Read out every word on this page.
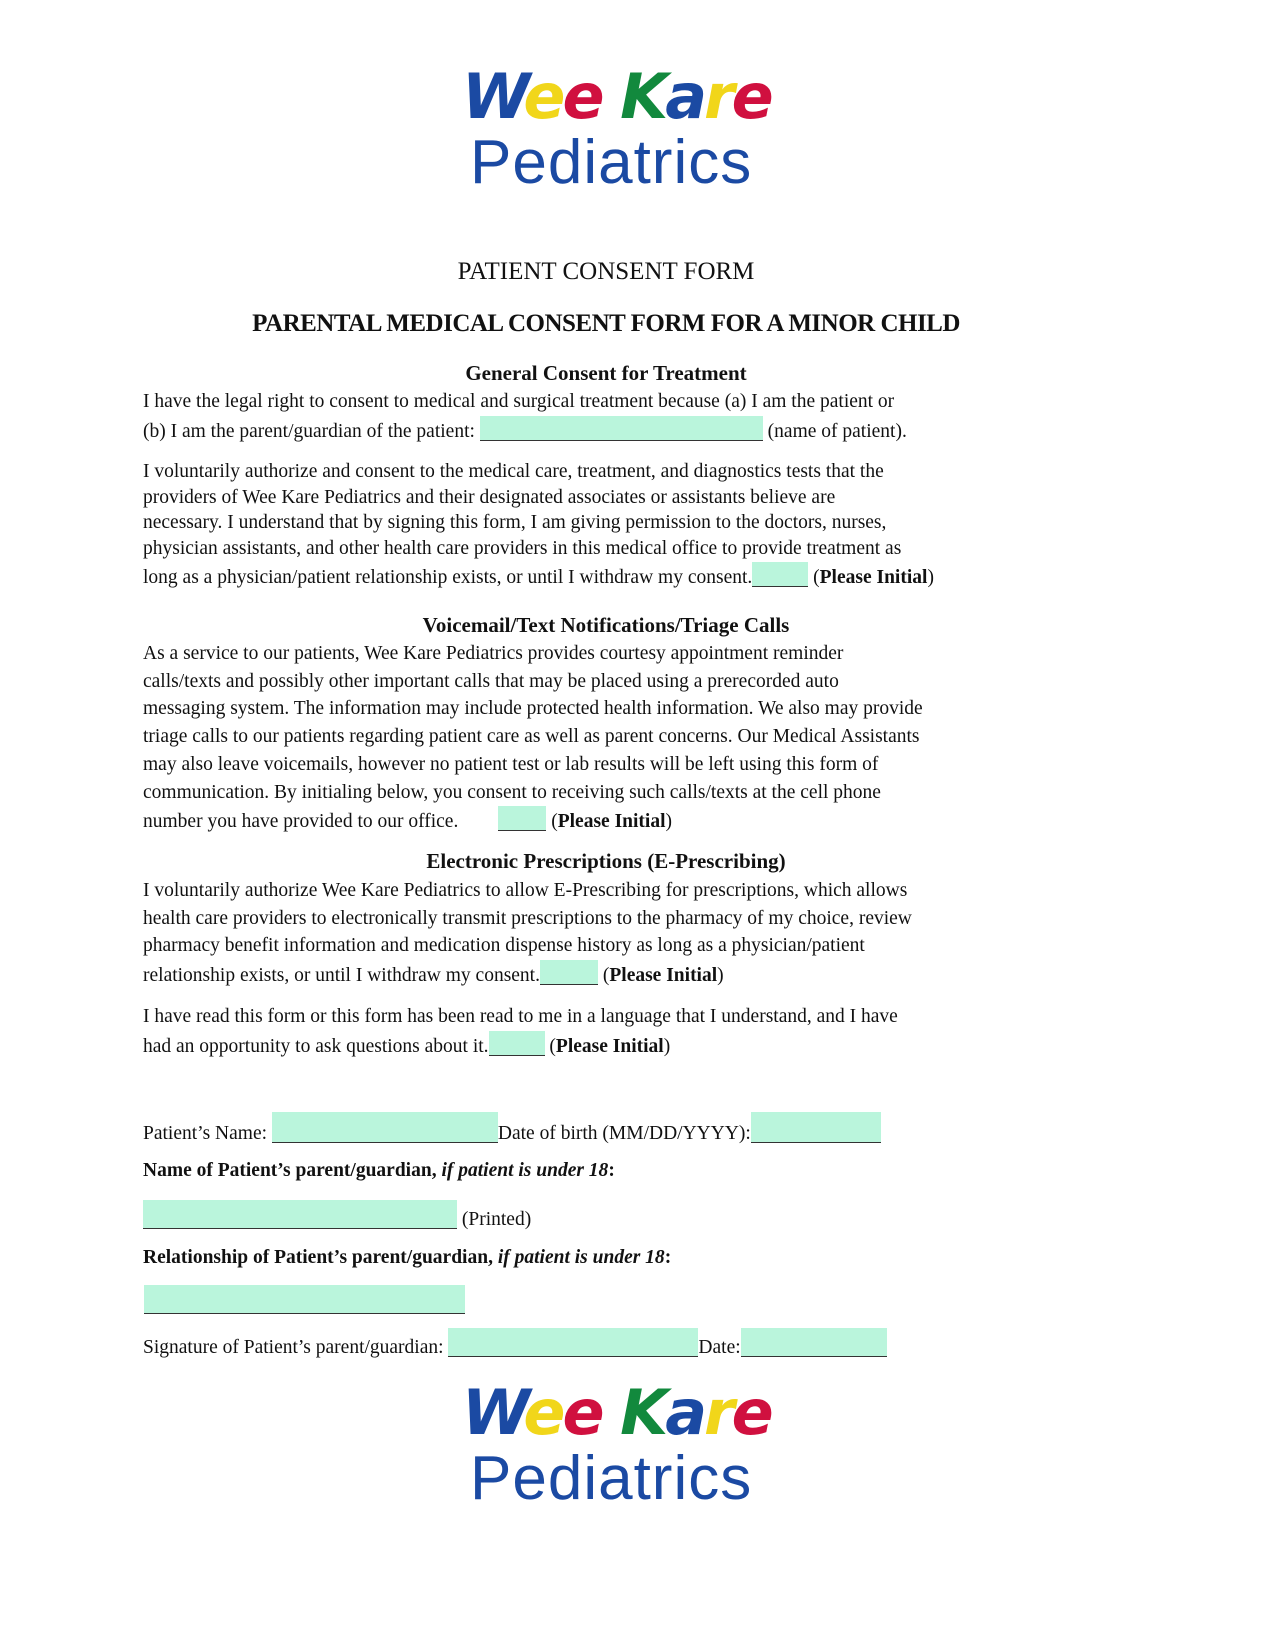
Wee Kare
Pediatrics
PATIENT CONSENT FORM
PARENTAL MEDICAL CONSENT FORM FOR A MINOR CHILD
General Consent for Treatment
I have the legal right to consent to medical and surgical treatment because (a) I am the patient or
(b) I am the parent/guardian of the patient:	(name of patient).
I voluntarily authorize and consent to the medical care, treatment, and diagnostics tests that the
providers of Wee Kare Pediatrics and their designated associates or assistants believe are
necessary. I understand that by signing this form, I am giving permission to the doctors, nurses,
physician assistants, and other health care providers in this medical office to provide treatment as
long as a physician/patient relationship exists, or until I withdraw my consent.	(Please Initial)
Voicemail/Text Notifications/Triage Calls
As a service to our patients, Wee Kare Pediatrics provides courtesy appointment reminder
calls/texts and possibly other important calls that may be placed using a prerecorded auto
messaging system. The information may include protected health information. We also may provide
triage calls to our patients regarding patient care as well as parent concerns. Our Medical Assistants
may also leave voicemails, however no patient test or lab results will be left using this form of
communication. By initialing below, you consent to receiving such calls/texts at the cell phone
number you have provided to our office.	(Please Initial)
Electronic Prescriptions (E-Prescribing)
I voluntarily authorize Wee Kare Pediatrics to allow E-Prescribing for prescriptions, which allows
health care providers to electronically transmit prescriptions to the pharmacy of my choice, review
pharmacy benefit information and medication dispense history as long as a physician/patient
relationship exists, or until I withdraw my consent.	(Please Initial)
I have read this form or this form has been read to me in a language that I understand, and I have
had an opportunity to ask questions about it.	(Please Initial)
Patient’s Name:	Date of birth (MM/DD/YYYY):
Name of Patient’s parent/guardian, if patient is under 18:
(Printed)
Relationship of Patient’s parent/guardian, if patient is under 18:
Signature of Patient’s parent/guardian:	Date:
Wee Kare
Pediatrics
